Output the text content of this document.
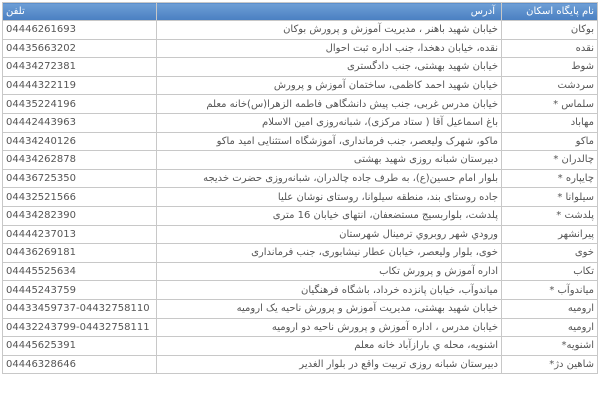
تلفن	آدرس	نام پایگاه اسکان
04446261693	خیابان شهید باهنر ، مدیریت آموزش و پرورش بوکان	بوکان
04435663202	نقده، خیابان دهخدا، جنب اداره ثبت احوال	نقده
04434272381	خیابان شهید بهشتی، جنب دادگستری	شوط
04444322119	خیابان شهید احمد کاظمی، ساختمان آموزش و پرورش	سردشت
04435224196	خیابان مدرس غربی، جنب پیش دانشگاهی فاطمه الزهرا(س)خانه معلم	سلماس *
04442443963	باغ اسماعیل آقا ( ستاد مرکزی)، شبانه‌روزی امین الاسلام	مهاباد
04434240126	ماکو، شهرک ولیعصر، جنب فرمانداری، آموزشگاه استثنایی امید ماکو	ماکو
04434262878	دبیرستان شبانه روزی شهید بهشتی	چالدران *
04436725350	بلوار امام حسین(ع)، به طرف جاده چالدران، شبانه‌روزی حضرت خدیجه	چایپاره *
04432521566	جاده روستای بند، منطقه سیلوانا، روستای نوشان علیا	سیلوانا *
04434282390	پلدشت، بلواربسیج مستضعفان، انتهای خیابان 16 متری	پلدشت *
04444237013	ورودي شهر روبروي ترمينال شهرستان	پیرانشهر
04436269181	خوی، بلوار ولیعصر، خیابان عطار نیشابوری، جنب فرمانداری	خوی
04445525634	اداره آموزش و پرورش تکاب	تکاب
04445243759	میاندوآب، خیابان پانزده خرداد، باشگاه فرهنگیان	میاندوآب *
04433459737-04432758110	خیابان شهید بهشتی، مدیریت آموزش و پرورش ناحیه یک ارومیه	ارومیه
04432243799-04432758111	خیابان مدرس ، اداره آموزش و پرورش ناحیه دو ارومیه	ارومیه
04445625391	اشنویه، محله ي باراز‌آباد خانه معلم	اشنویه*
04446328646	دبیرستان شبانه روزی تربیت واقع در بلوار الغدیر	شاهین دژ*
